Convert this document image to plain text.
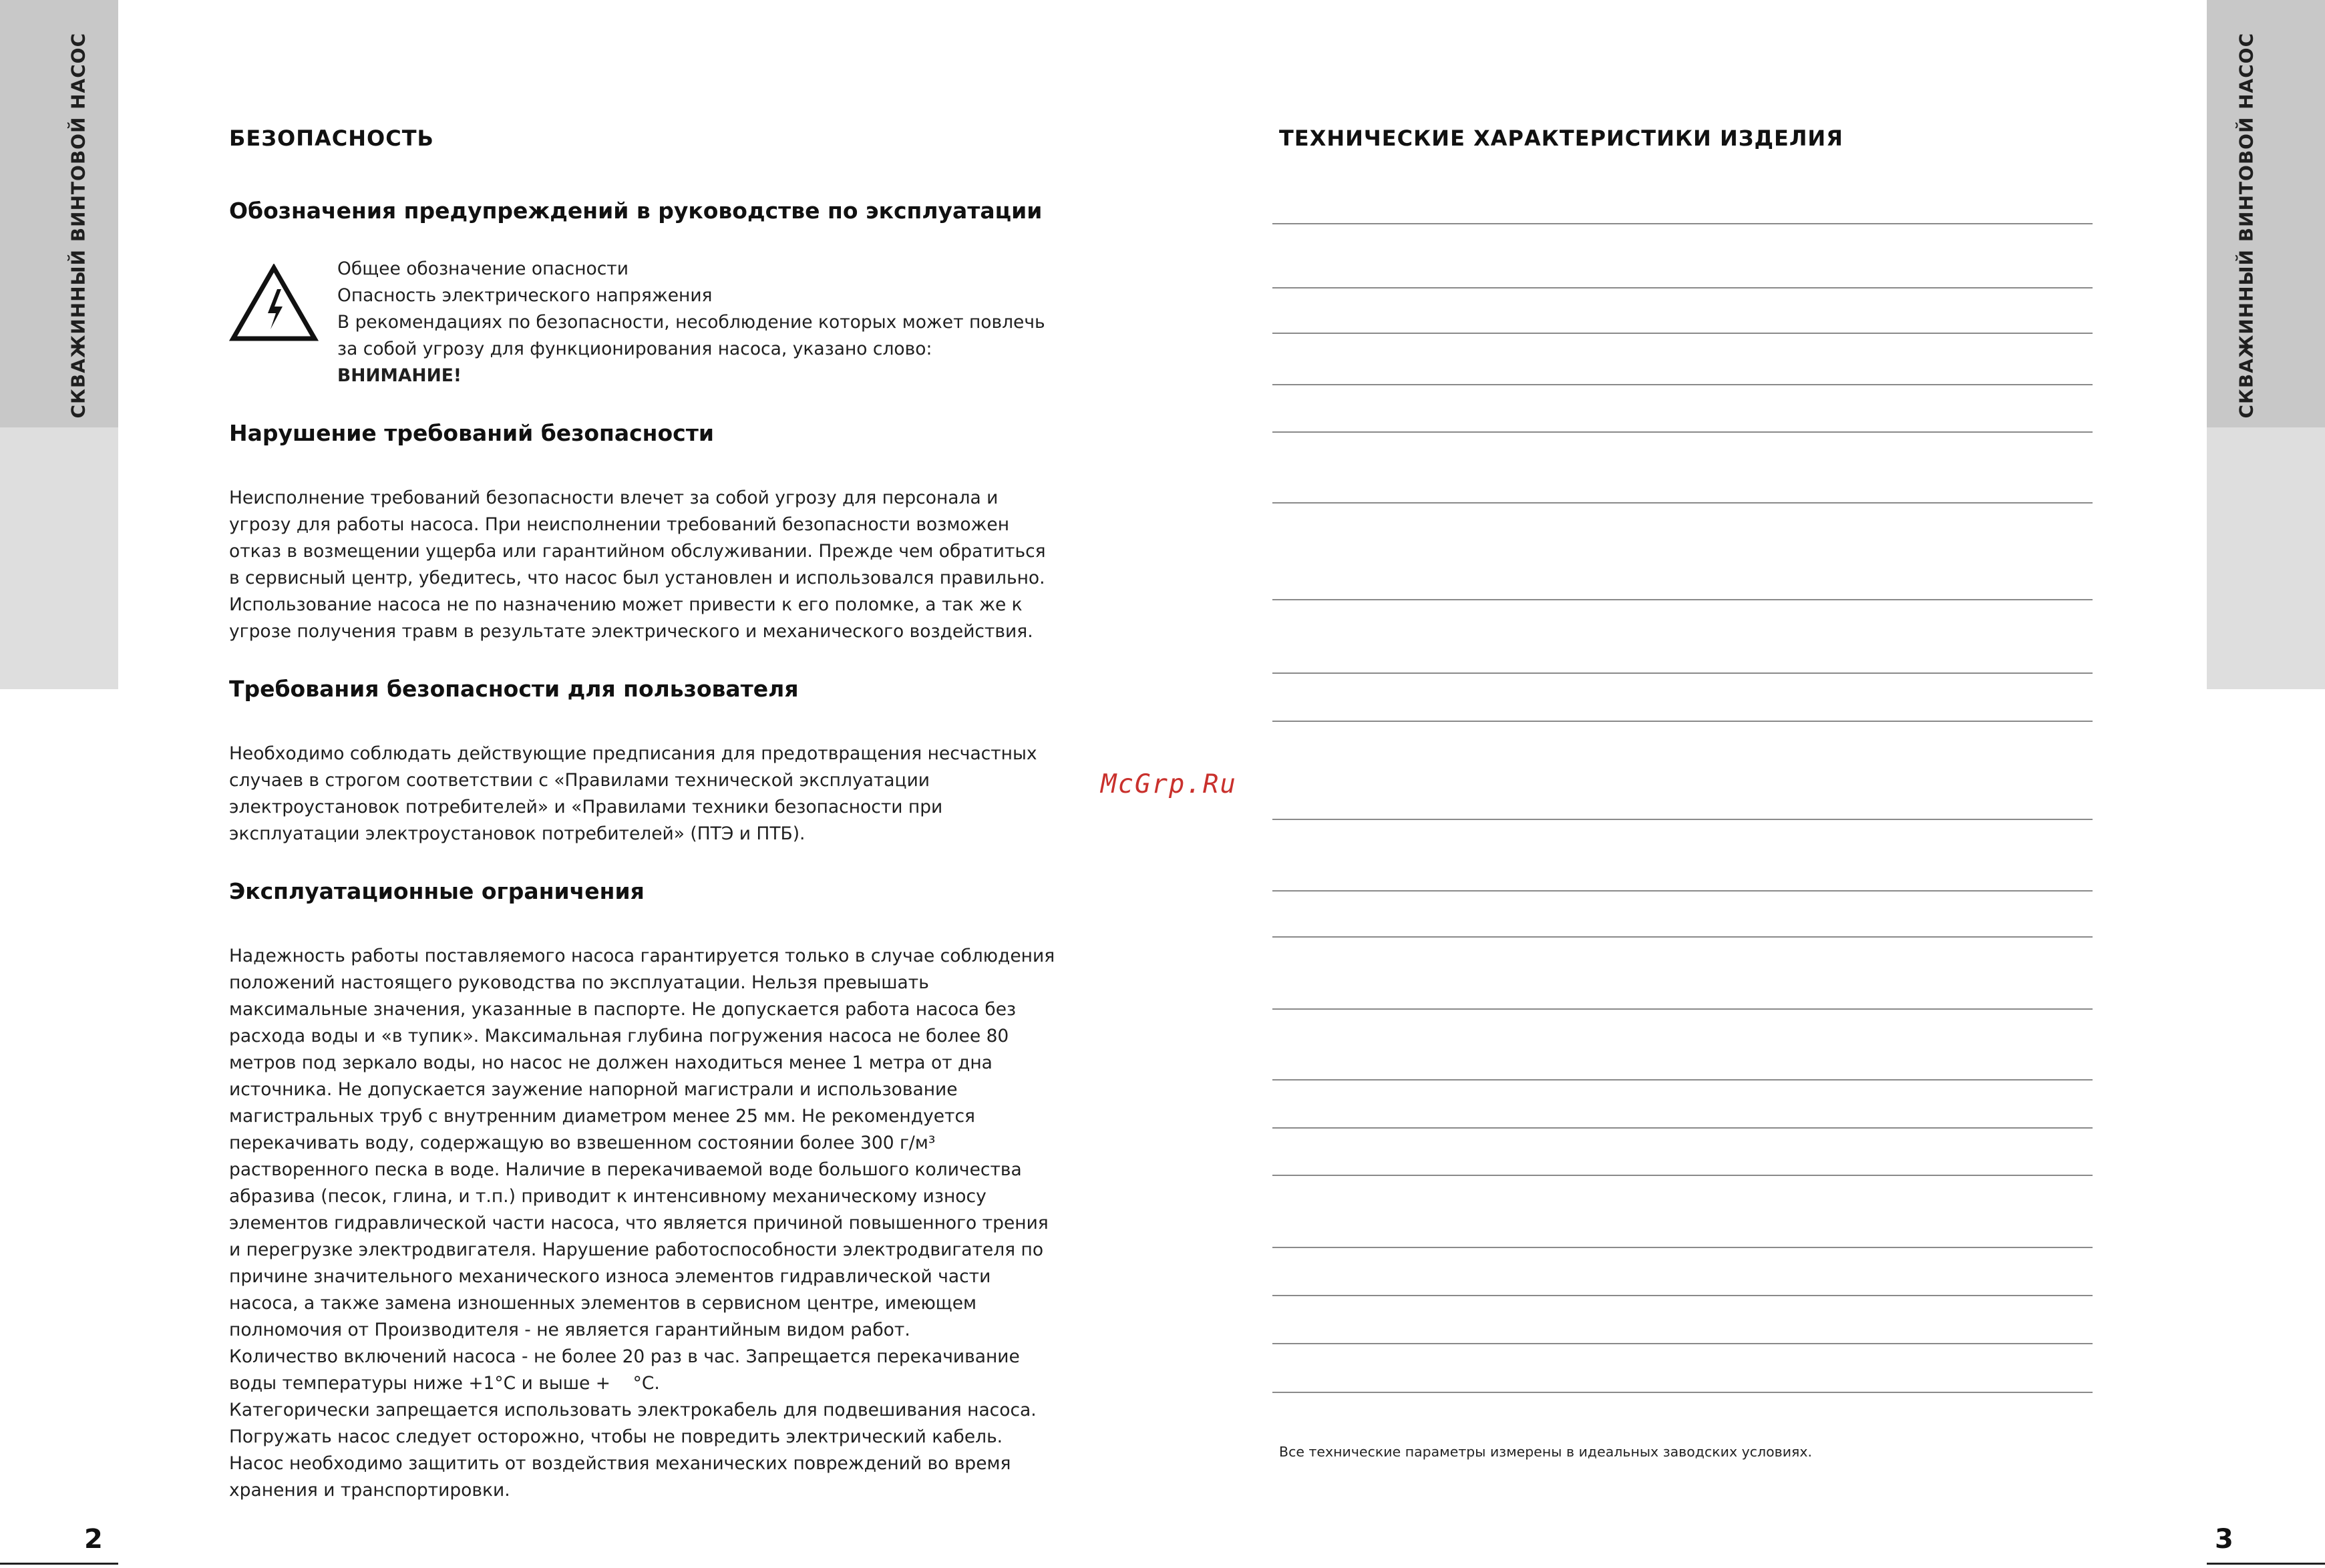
СКВАЖИННЫЙ ВИНТОВОЙ НАСОС	СКВАЖИННЫЙ ВИНТОВОЙ НАСОС
БЕЗОПАСНОСТЬ
Обозначения предупреждений в руководстве по эксплуатации

Общее обозначение опасности

Опасность электрического напряжения

В рекомендациях по безопасности, несоблюдение которых может повлечь за собой угрозу для функционирования насоса, указано слово: ВНИМАНИЕ!

Нарушение требований безопасности

Неисполнение требований безопасности влечет за собой угрозу для персонала и угрозу для работы насоса. При неисполнении требований безопасности возможен отказ в возмещении ущерба или гарантийном обслуживании. Прежде чем обратиться в сервисный центр, убедитесь, что насос был установлен и использовался правильно. Использование насоса не по назначению может привести к его поломке, а так же к угрозе получения травм в результате электрического и механического воздействия.

Требования безопасности для пользователя

Необходимо соблюдать действующие предписания для предотвращения несчастных случаев в строгом соответствии с «Правилами технической эксплуатации электроустановок потребителей» и «Правилами техники безопасности при эксплуатации электроустановок потребителей» (ПТЭ и ПТБ).

Эксплуатационные ограничения

Надежность работы поставляемого насоса гарантируется только в случае соблюдения положений настоящего руководства по эксплуатации. Нельзя превышать максимальные значения, указанные в паспорте. Не допускается работа насоса без расхода воды и «в тупик». Максимальная глубина погружения насоса не более 80 метров под зеркало воды, но насос не должен находиться менее 1 метра от дна источника. Не допускается заужение напорной магистрали и использование магистральных труб с внутренним диаметром менее 25 мм. Не рекомендуется перекачивать воду, содержащую во взвешенном состоянии более 300 г/м³ растворенного песка в воде. Наличие в перекачиваемой воде большого количества абразива (песок, глина, и т.п.) приводит к интенсивному механическому износу элементов гидравлической части насоса, что является причиной повышенного трения и перегрузке электродвигателя. Нарушение работоспособности электродвигателя по причине значительного механического износа элементов гидравлической части насоса, а также замена изношенных элементов в сервисном центре, имеющем полномочия от Производителя - не является гарантийным видом работ.

Количество включений насоса - не более 20 раз в час. Запрещается перекачивание воды температуры ниже +1°С и выше +    °С.

Категорически запрещается использовать электрокабель для подвешивания насоса. Погружать насос следует осторожно, чтобы не повредить электрический кабель.

Насос необходимо защитить от воздействия механических повреждений во время хранения и транспортировки.

2
McGrp.Ru
ТЕХНИЧЕСКИЕ ХАРАКТЕРИСТИКИ ИЗДЕЛИЯ
Все технические параметры измерены в идеальных заводских условиях.
3
